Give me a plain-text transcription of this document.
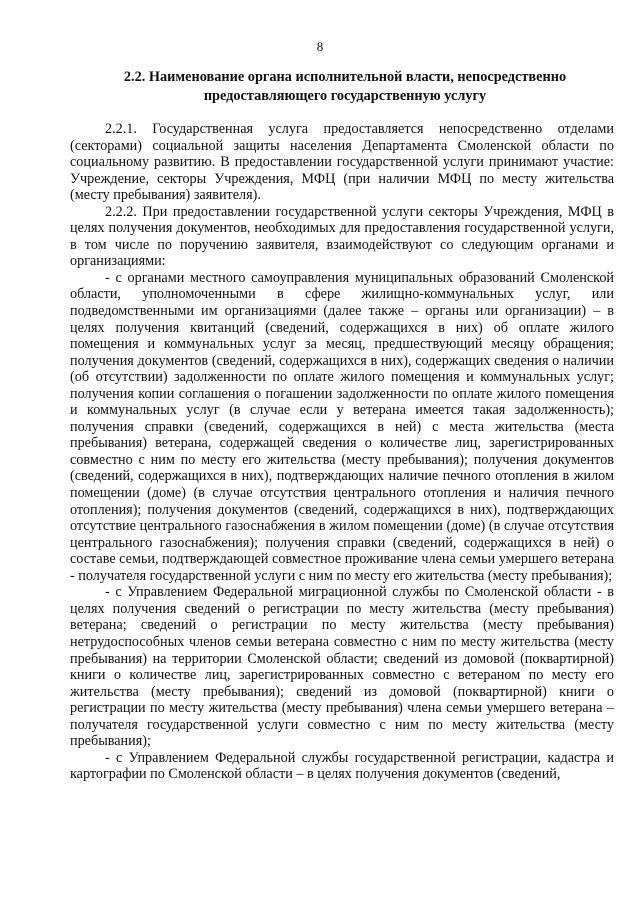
8
2.2. Наименование органа исполнительной власти, непосредственно предоставляющего государственную услугу

2.2.1. Государственная услуга предоставляется непосредственно отделами (секторами) социальной защиты населения Департамента Смоленской области по социальному развитию. В предоставлении государственной услуги принимают участие: Учреждение, секторы Учреждения, МФЦ (при наличии МФЦ по месту жительства (месту пребывания) заявителя).

2.2.2. При предоставлении государственной услуги секторы Учреждения, МФЦ в целях получения документов, необходимых для предоставления государственной услуги, в том числе по поручению заявителя, взаимодействуют со следующим органами и организациями:

- с органами местного самоуправления муниципальных образований Смоленской области, уполномоченными в сфере жилищно-коммунальных услуг, или подведомственными им организациями (далее также – органы или организации) – в целях получения квитанций (сведений, содержащихся в них) об оплате жилого помещения и коммунальных услуг за месяц, предшествующий месяцу обращения; получения документов (сведений, содержащихся в них), содержащих сведения о наличии (об отсутствии) задолженности по оплате жилого помещения и коммунальных услуг; получения копии соглашения о погашении задолженности по оплате жилого помещения и коммунальных услуг (в случае если у ветерана имеется такая задолженность); получения справки (сведений, содержащихся в ней) с места жительства (места пребывания) ветерана, содержащей сведения о количестве лиц, зарегистрированных совместно с ним по месту его жительства (месту пребывания); получения документов (сведений, содержащихся в них), подтверждающих наличие печного отопления в жилом помещении (доме) (в случае отсутствия центрального отопления и наличия печного отопления); получения документов (сведений, содержащихся в них), подтверждающих отсутствие центрального газоснабжения в жилом помещении (доме) (в случае отсутствия центрального газоснабжения); получения справки (сведений, содержащихся в ней) о составе семьи, подтверждающей совместное проживание члена семьи умершего ветерана - получателя государственной услуги с ним по месту его жительства (месту пребывания);

- с Управлением Федеральной миграционной службы по Смоленской области - в целях получения сведений о регистрации по месту жительства (месту пребывания) ветерана; сведений о регистрации по месту жительства (месту пребывания) нетрудоспособных членов семьи ветерана совместно с ним по месту жительства (месту пребывания) на территории Смоленской области; сведений из домовой (поквартирной) книги о количестве лиц, зарегистрированных совместно с ветераном по месту его жительства (месту пребывания); сведений из домовой (поквартирной) книги о регистрации по месту жительства (месту пребывания) члена семьи умершего ветерана – получателя государственной услуги совместно с ним по месту жительства (месту пребывания);

- с Управлением Федеральной службы государственной регистрации, кадастра и картографии по Смоленской области – в целях получения документов (сведений,
